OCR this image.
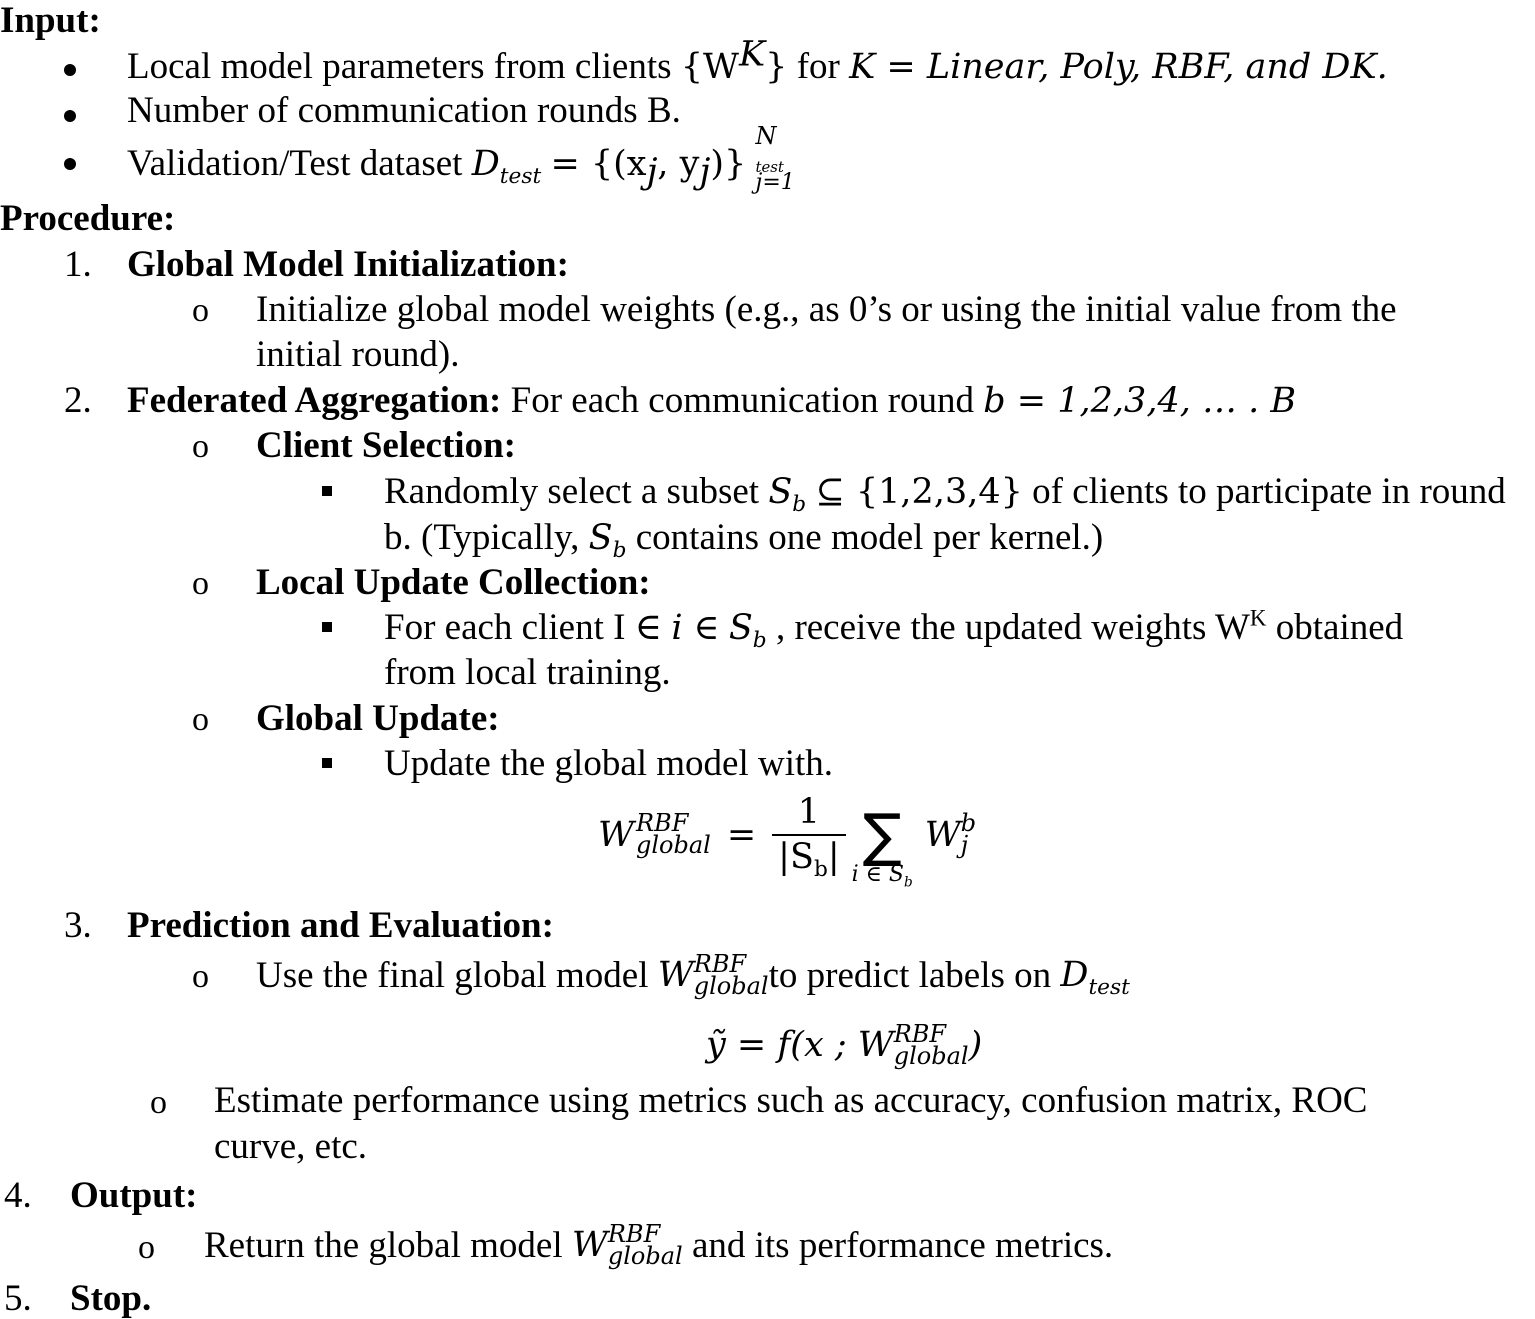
Input:
Local model parameters from clients $\{W^K\}$ for K = Linear, Poly, RBF, and DK.
Number of communication rounds B.
Validation/Test dataset $D_{test} = \{(x_j$, $y_j$)}
N
$_{test}$
j=1
Procedure:
1. Global Model Initialization:
o Initialize global model weights (e.g., as 0’s or using the initial value from the
initial round).
2. Federated Aggregation: For each communication round b = 1,2,3,4, … . B
o Client Selection:
Randomly select a subset $S_b$ ⊆ {1,2,3,4} of clients to participate in round
b. (Typically, $S_b$ contains one model per kernel.)
o Local Update Collection:
For each client I ∈ i ∈ $S_b$ , receive the updated weights $W^K$ obtained
from local training.
o Global Update:
Update the global model with.
W RBF
global = $\frac{1}{|S_b|}$ ∑
i ∈ $S_b$
W b
j
3. Prediction and Evaluation:
o Use the final global model
W RBF
global to predict labels on
$D_{test}$
ỹ = f(x ; W RBF
global )
o Estimate performance using metrics such as accuracy, confusion matrix, ROC
curve, etc.
4. Output:
o Return the global model
W RBF
global
and its performance metrics.
5. Stop.
